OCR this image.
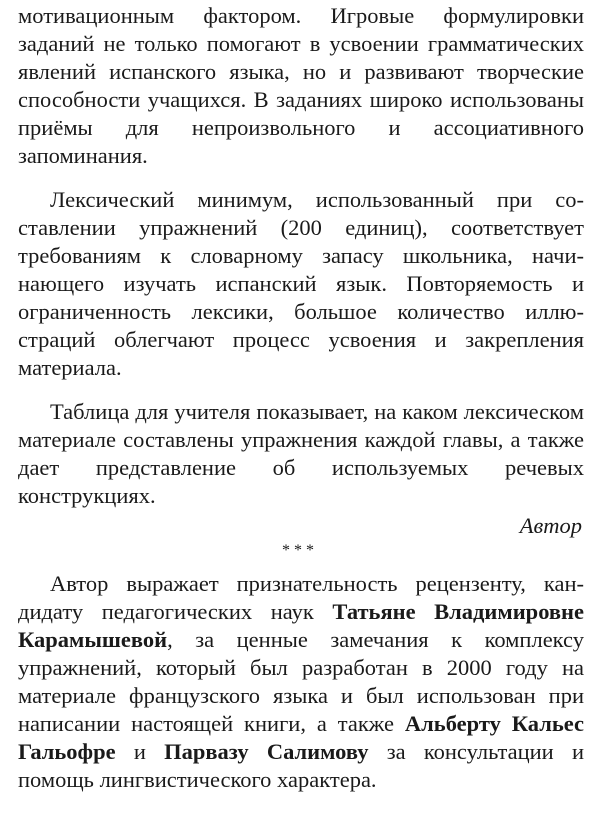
мотивационным фактором. Игровые формулировки заданий не только помогают в усвоении грамматических явлений испанского языка, но и развивают творческие способности учащихся. В заданиях широко использованы приёмы для непроизвольного и ассоциативного запоминания.

Лексический минимум, использованный при составлении упражнений (200 единиц), соответствует требованиям к словарному запасу школьника, начинающего изучать испанский язык. Повторяемость и ограниченность лексики, большое количество иллюстраций облегчают процесс усвоения и закрепления материала.

Таблица для учителя показывает, на каком лексическом материале составлены упражнения каждой главы, а также дает представление об используемых речевых конструкциях.

Автор

***

Автор выражает признательность рецензенту, кандидату педагогических наук Татьяне Владимировне Карамышевой, за ценные замечания к комплексу упражнений, который был разработан в 2000 году на материале французского языка и был использован при написании настоящей книги, а также Альберту Кальес Гальофре и Парвазу Салимову за консультации и помощь лингвистического характера.
